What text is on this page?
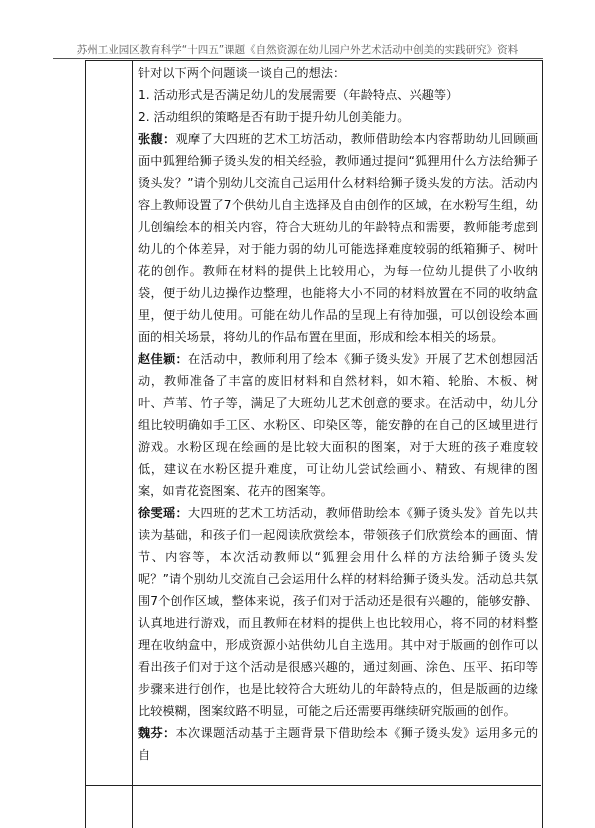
苏州工业园区教育科学“十四五”课题《自然资源在幼儿园户外艺术活动中创美的实践研究》资料

针对以下两个问题谈一谈自己的想法：

1. 活动形式是否满足幼儿的发展需要（年龄特点、兴趣等）

2. 活动组织的策略是否有助于提升幼儿创美能力。

张馥：观摩了大四班的艺术工坊活动，教师借助绘本内容帮助幼儿回顾画面中狐狸给狮子烫头发的相关经验，教师通过提问“狐狸用什么方法给狮子烫头发？”请个别幼儿交流自己运用什么材料给狮子烫头发的方法。活动内容上教师设置了7个供幼儿自主选择及自由创作的区域，在水粉写生组，幼儿创编绘本的相关内容，符合大班幼儿的年龄特点和需要，教师能考虑到幼儿的个体差异，对于能力弱的幼儿可能选择难度较弱的纸箱狮子、树叶花的创作。教师在材料的提供上比较用心，为每一位幼儿提供了小收纳袋，便于幼儿边操作边整理，也能将大小不同的材料放置在不同的收纳盒里，便于幼儿使用。可能在幼儿作品的呈现上有待加强，可以创设绘本画面的相关场景，将幼儿的作品布置在里面，形成和绘本相关的场景。

赵佳颖：在活动中，教师利用了绘本《狮子烫头发》开展了艺术创想园活动，教师准备了丰富的废旧材料和自然材料，如木箱、轮胎、木板、树叶、芦苇、竹子等，满足了大班幼儿艺术创意的要求。在活动中，幼儿分组比较明确如手工区、水粉区、印染区等，能安静的在自己的区域里进行游戏。水粉区现在绘画的是比较大面积的图案，对于大班的孩子难度较低，建议在水粉区提升难度，可让幼儿尝试绘画小、精致、有规律的图案，如青花瓷图案、花卉的图案等。

徐雯瑶：大四班的艺术工坊活动，教师借助绘本《狮子烫头发》首先以共读为基础，和孩子们一起阅读欣赏绘本，带领孩子们欣赏绘本的画面、情节、内容等，本次活动教师以“狐狸会用什么样的方法给狮子烫头发呢？”请个别幼儿交流自己会运用什么样的材料给狮子烫头发。活动总共氛围7个创作区域，整体来说，孩子们对于活动还是很有兴趣的，能够安静、认真地进行游戏，而且教师在材料的提供上也比较用心，将不同的材料整理在收纳盒中，形成资源小站供幼儿自主选用。其中对于版画的创作可以看出孩子们对于这个活动是很感兴趣的，通过刻画、涂色、压平、拓印等步骤来进行创作，也是比较符合大班幼儿的年龄特点的，但是版画的边缘比较模糊，图案纹路不明显，可能之后还需要再继续研究版画的创作。

魏芬：本次课题活动基于主题背景下借助绘本《狮子烫头发》运用多元的自
